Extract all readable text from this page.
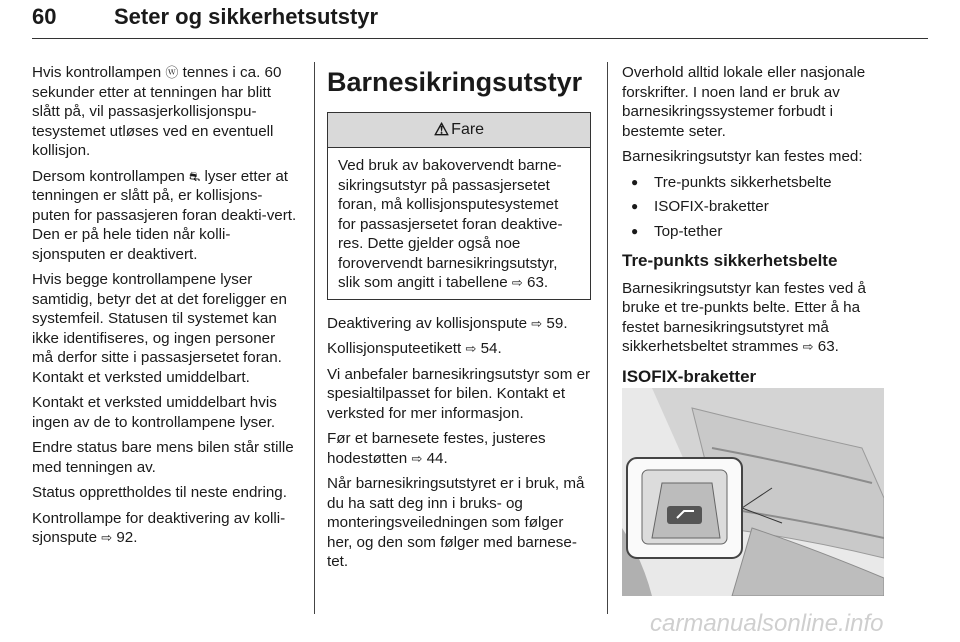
60	Seter og sikkerhetsutstyr

Hvis kontrollampen ⓦ tennes i ca. 60 sekunder etter at tenningen har blitt slått på, vil passasjerkollisjonspu‐tesystemet utløses ved en eventuell kollisjon.

Dersom kontrollampen ⛐ lyser etter at tenningen er slått på, er kollisjons‐puten for passasjeren foran deakti‐vert. Den er på hele tiden når kolli‐sjonsputen er deaktivert.

Hvis begge kontrollampene lyser samtidig, betyr det at det foreligger en systemfeil. Statusen til systemet kan ikke identifiseres, og ingen personer må derfor sitte i passasjersetet foran. Kontakt et verksted umiddelbart.

Kontakt et verksted umiddelbart hvis ingen av de to kontrollampene lyser.

Endre status bare mens bilen står stille med tenningen av.

Status opprettholdes til neste endring.

Kontrollampe for deaktivering av kolli‐sjonspute ⇨ 92.

Barnesikringsutstyr
⚠ Fare
Ved bruk av bakovervendt barne‐sikringsutstyr på passasjersetet foran, må kollisjonsputesystemet for passasjersetet foran deaktive‐res. Dette gjelder også noe forovervendt barnesikringsutstyr, slik som angitt i tabellene ⇨ 63.

Deaktivering av kollisjonspute ⇨ 59.

Kollisjonsputeetikett ⇨ 54.

Vi anbefaler barnesikringsutstyr som er spesialtilpasset for bilen. Kontakt et verksted for mer informasjon.

Før et barnesete festes, justeres hodestøtten ⇨ 44.

Når barnesikringsutstyret er i bruk, må du ha satt deg inn i bruks- og monteringsveiledningen som følger her, og den som følger med barnese‐tet.

Overhold alltid lokale eller nasjonale forskrifter. I noen land er bruk av barnesikringssystemer forbudt i bestemte seter.

Barnesikringsutstyr kan festes med:

● Tre-punkts sikkerhetsbelte
● ISOFIX-braketter
● Top-tether
Tre-punkts sikkerhetsbelte

Barnesikringsutstyr kan festes ved å bruke et tre-punkts belte. Etter å ha festet barnesikringsutstyret må sikkerhetsbeltet strammes ⇨ 63.

ISOFIX-braketter
carmanualsonline.info
